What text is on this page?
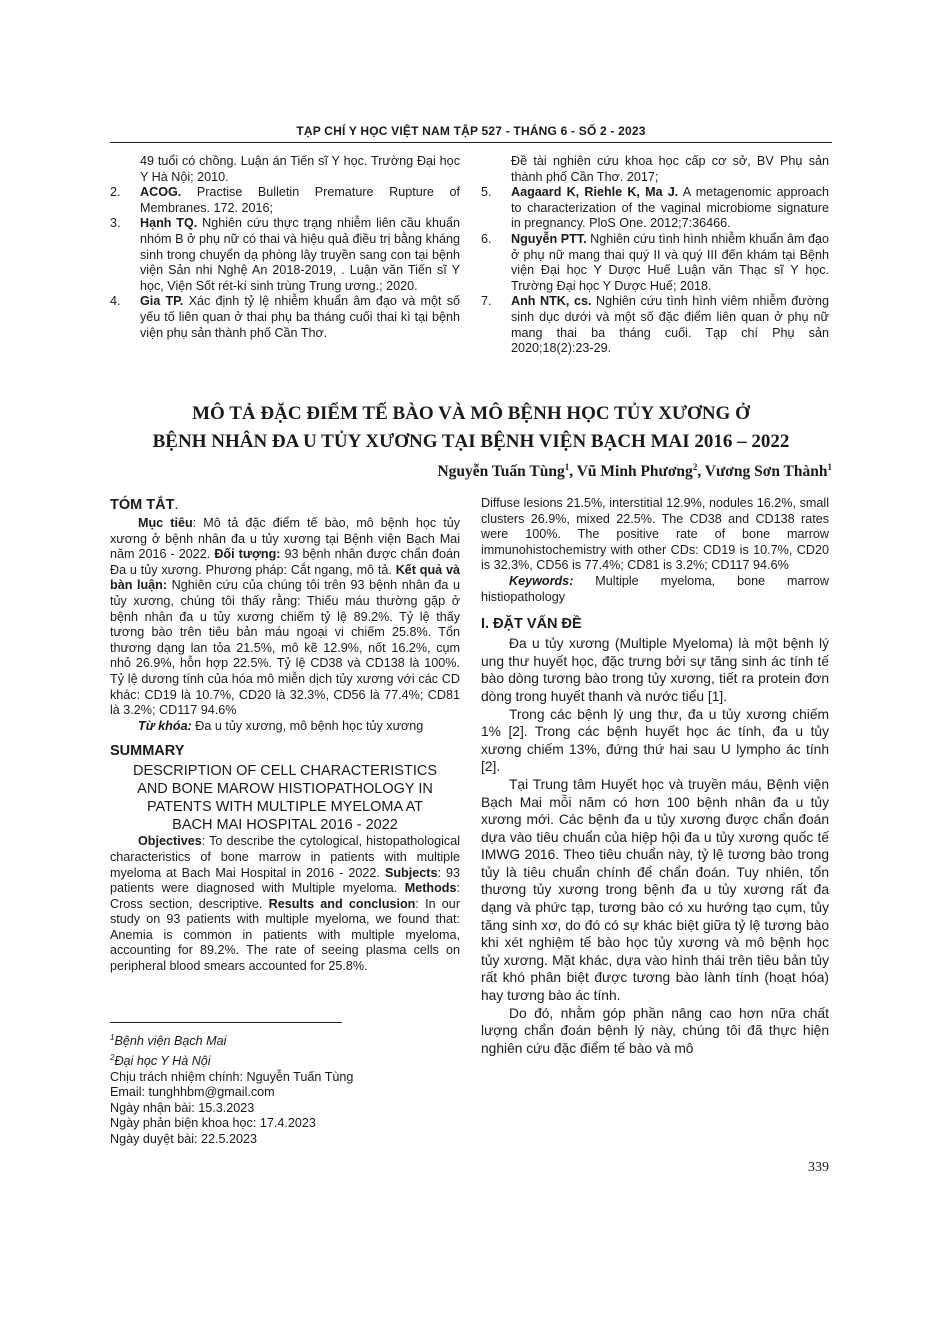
TẠP CHÍ Y HỌC VIỆT NAM TẬP 527 - THÁNG 6 - SỐ 2 - 2023
49 tuổi có chồng. Luận án Tiến sĩ Y học. Trường Đại học Y Hà Nội; 2010.
2.	ACOG. Practise Bulletin Premature Rupture of Membranes. 172. 2016;
3.	Hạnh TQ. Nghiên cứu thực trạng nhiễm liên cầu khuẩn nhóm B ở phụ nữ có thai và hiệu quả điều trị bằng kháng sinh trong chuyển dạ phòng lây truyền sang con tại bệnh viện Sản nhi Nghệ An 2018-2019, . Luận văn Tiến sĩ Y học, Viện Sốt rét-kí sinh trùng Trung ương.; 2020.
4.	Gia TP. Xác định tỷ lệ nhiễm khuẩn âm đạo và một số yếu tố liên quan ở thai phụ ba tháng cuối thai kì tại bệnh viện phụ sản thành phố Cần Thơ.
Đề tài nghiên cứu khoa học cấp cơ sở, BV Phụ sản thành phố Cần Thơ. 2017;
5.	Aagaard K, Riehle K, Ma J. A metagenomic approach to characterization of the vaginal microbiome signature in pregnancy. PloS One. 2012;7:36466.
6.	Nguyễn PTT. Nghiên cứu tình hình nhiễm khuẩn âm đạo ở phụ nữ mang thai quý II và quý III đến khám tại Bệnh viện Đại học Y Dược Huế Luận văn Thạc sĩ Y học. Trường Đại học Y Dược Huế; 2018.
7.	Anh NTK, cs. Nghiên cứu tình hình viêm nhiễm đường sinh dục dưới và một số đặc điểm liên quan ở phụ nữ mang thai ba tháng cuối. Tạp chí Phụ sản 2020;18(2):23-29.
MÔ TẢ ĐẶC ĐIỂM TẾ BÀO VÀ MÔ BỆNH HỌC TỦY XƯƠNG Ở
BỆNH NHÂN ĐA U TỦY XƯƠNG TẠI BỆNH VIỆN BẠCH MAI 2016 – 2022
Nguyễn Tuấn Tùng$^1$, Vũ Minh Phương$^2$, Vương Sơn Thành$^1$
TÓM TẮT.

Mục tiêu: Mô tả đặc điểm tế bào, mô bệnh học tủy xương ở bệnh nhân đa u tủy xương tại Bệnh viện Bạch Mai năm 2016 - 2022. Đối tượng: 93 bệnh nhân được chẩn đoán Đa u tủy xương. Phương pháp: Cắt ngang, mô tả. Kết quả và bàn luận: Nghiên cứu của chúng tôi trên 93 bệnh nhân đa u tủy xương, chúng tôi thấy rằng: Thiếu máu thường gặp ở bệnh nhân đa u tủy xương chiếm tỷ lệ 89.2%. Tỷ lệ thấy tương bào trên tiêu bản máu ngoại vi chiếm 25.8%. Tổn thương dạng lan tỏa 21.5%, mô kẽ 12.9%, nốt 16.2%, cụm nhỏ 26.9%, hỗn hợp 22.5%. Tỷ lệ CD38 và CD138 là 100%. Tỷ lệ dương tính của hóa mô miễn dịch tủy xương với các CD khác: CD19 là 10.7%, CD20 là 32.3%, CD56 là 77.4%; CD81 là 3.2%; CD117 94.6%

Từ khóa: Đa u tủy xương, mô bệnh học tủy xương

SUMMARY
DESCRIPTION OF CELL CHARACTERISTICS
AND BONE MAROW HISTIOPATHOLOGY IN
PATENTS WITH MULTIPLE MYELOMA AT
BACH MAI HOSPITAL 2016 - 2022

Objectives: To describe the cytological, histopathological characteristics of bone marrow in patients with multiple myeloma at Bach Mai Hospital in 2016 - 2022. Subjects: 93 patients were diagnosed with Multiple myeloma. Methods: Cross section, descriptive. Results and conclusion: In our study on 93 patients with multiple myeloma, we found that: Anemia is common in patients with multiple myeloma, accounting for 89.2%. The rate of seeing plasma cells on peripheral blood smears accounted for 25.8%.

$^1$Bệnh viện Bạch Mai
$^2$Đại học Y Hà Nội
Chịu trách nhiệm chính: Nguyễn Tuấn Tùng
Email: tunghhbm@gmail.com
Ngày nhận bài: 15.3.2023
Ngày phản biện khoa học: 17.4.2023
Ngày duyệt bài: 22.5.2023

Diffuse lesions 21.5%, interstitial 12.9%, nodules 16.2%, small clusters 26.9%, mixed 22.5%. The CD38 and CD138 rates were 100%. The positive rate of bone marrow immunohistochemistry with other CDs: CD19 is 10.7%, CD20 is 32.3%, CD56 is 77.4%; CD81 is 3.2%; CD117 94.6%

Keywords: Multiple myeloma, bone marrow histiopathology

I. ĐẶT VẤN ĐỀ

Đa u tủy xương (Multiple Myeloma) là một bệnh lý ung thư huyết học, đặc trưng bởi sự tăng sinh ác tính tế bào dòng tương bào trong tủy xương, tiết ra protein đơn dòng trong huyết thanh và nước tiểu [1].

Trong các bệnh lý ung thư, đa u tủy xương chiếm 1% [2]. Trong các bệnh huyết học ác tính, đa u tủy xương chiếm 13%, đứng thứ hai sau U lympho ác tính [2].

Tại Trung tâm Huyết học và truyền máu, Bệnh viện Bạch Mai mỗi năm có hơn 100 bệnh nhân đa u tủy xương mới. Các bệnh đa u tủy xương được chẩn đoán dựa vào tiêu chuẩn của hiệp hội đa u tủy xương quốc tế IMWG 2016. Theo tiêu chuẩn này, tỷ lệ tương bào trong tủy là tiêu chuẩn chính để chẩn đoán. Tuy nhiên, tổn thương tủy xương trong bệnh đa u tủy xương rất đa dạng và phức tạp, tương bào có xu hướng tạo cụm, tủy tăng sinh xơ, do đó có sự khác biệt giữa tỷ lệ tương bào khi xét nghiệm tế bào học tủy xương và mô bệnh học tủy xương. Mặt khác, dựa vào hình thái trên tiêu bản tủy rất khó phân biệt được tương bào lành tính (hoạt hóa) hay tương bào ác tính.

Do đó, nhằm góp phần nâng cao hơn nữa chất lượng chẩn đoán bệnh lý này, chúng tôi đã thực hiện nghiên cứu đặc điểm tế bào và mô

339
